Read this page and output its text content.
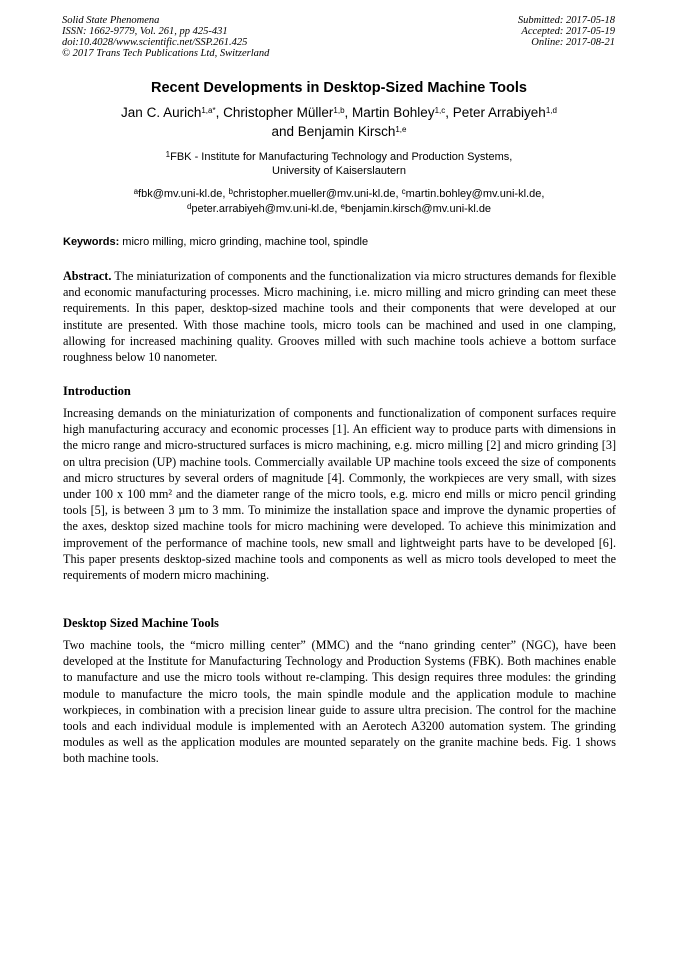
Solid State Phenomena
ISSN: 1662-9779, Vol. 261, pp 425-431
doi:10.4028/www.scientific.net/SSP.261.425
© 2017 Trans Tech Publications Ltd, Switzerland
Submitted: 2017-05-18
Accepted: 2017-05-19
Online: 2017-08-21
Recent Developments in Desktop-Sized Machine Tools
Jan C. Aurich$^{1,a*}$, Christopher Müller$^{1,b}$, Martin Bohley$^{1,c}$, Peter Arrabiyeh$^{1,d}$
and Benjamin Kirsch$^{1,e}$
$^1$FBK - Institute for Manufacturing Technology and Production Systems,
University of Kaiserslautern
$^a$fbk@mv.uni-kl.de, $^b$christopher.mueller@mv.uni-kl.de, $^c$martin.bohley@mv.uni-kl.de,
$^d$peter.arrabiyeh@mv.uni-kl.de, $^e$benjamin.kirsch@mv.uni-kl.de
Keywords: micro milling, micro grinding, machine tool, spindle
Abstract. The miniaturization of components and the functionalization via micro structures demands for flexible and economic manufacturing processes. Micro machining, i.e. micro milling and micro grinding can meet these requirements. In this paper, desktop-sized machine tools and their components that were developed at our institute are presented. With those machine tools, micro tools can be machined and used in one clamping, allowing for increased machining quality. Grooves milled with such machine tools achieve a bottom surface roughness below 10 nanometer.
Introduction
Increasing demands on the miniaturization of components and functionalization of component surfaces require high manufacturing accuracy and economic processes [1]. An efficient way to produce parts with dimensions in the micro range and micro-structured surfaces is micro machining, e.g. micro milling [2] and micro grinding [3] on ultra precision (UP) machine tools. Commercially available UP machine tools exceed the size of components and micro structures by several orders of magnitude [4]. Commonly, the workpieces are very small, with sizes under 100 x 100 mm² and the diameter range of the micro tools, e.g. micro end mills or micro pencil grinding tools [5], is between 3 µm to 3 mm. To minimize the installation space and improve the dynamic properties of the axes, desktop sized machine tools for micro machining were developed. To achieve this minimization and improvement of the performance of machine tools, new small and lightweight parts have to be developed [6]. This paper presents desktop-sized machine tools and components as well as micro tools developed to meet the requirements of modern micro machining.
Desktop Sized Machine Tools
Two machine tools, the “micro milling center” (MMC) and the “nano grinding center” (NGC), have been developed at the Institute for Manufacturing Technology and Production Systems (FBK). Both machines enable to manufacture and use the micro tools without re-clamping. This design requires three modules: the grinding module to manufacture the micro tools, the main spindle module and the application module to machine workpieces, in combination with a precision linear guide to assure ultra precision. The control for the machine tools and each individual module is implemented with an Aerotech A3200 automation system. The grinding modules as well as the application modules are mounted separately on the granite machine beds. Fig. 1 shows both machine tools.
